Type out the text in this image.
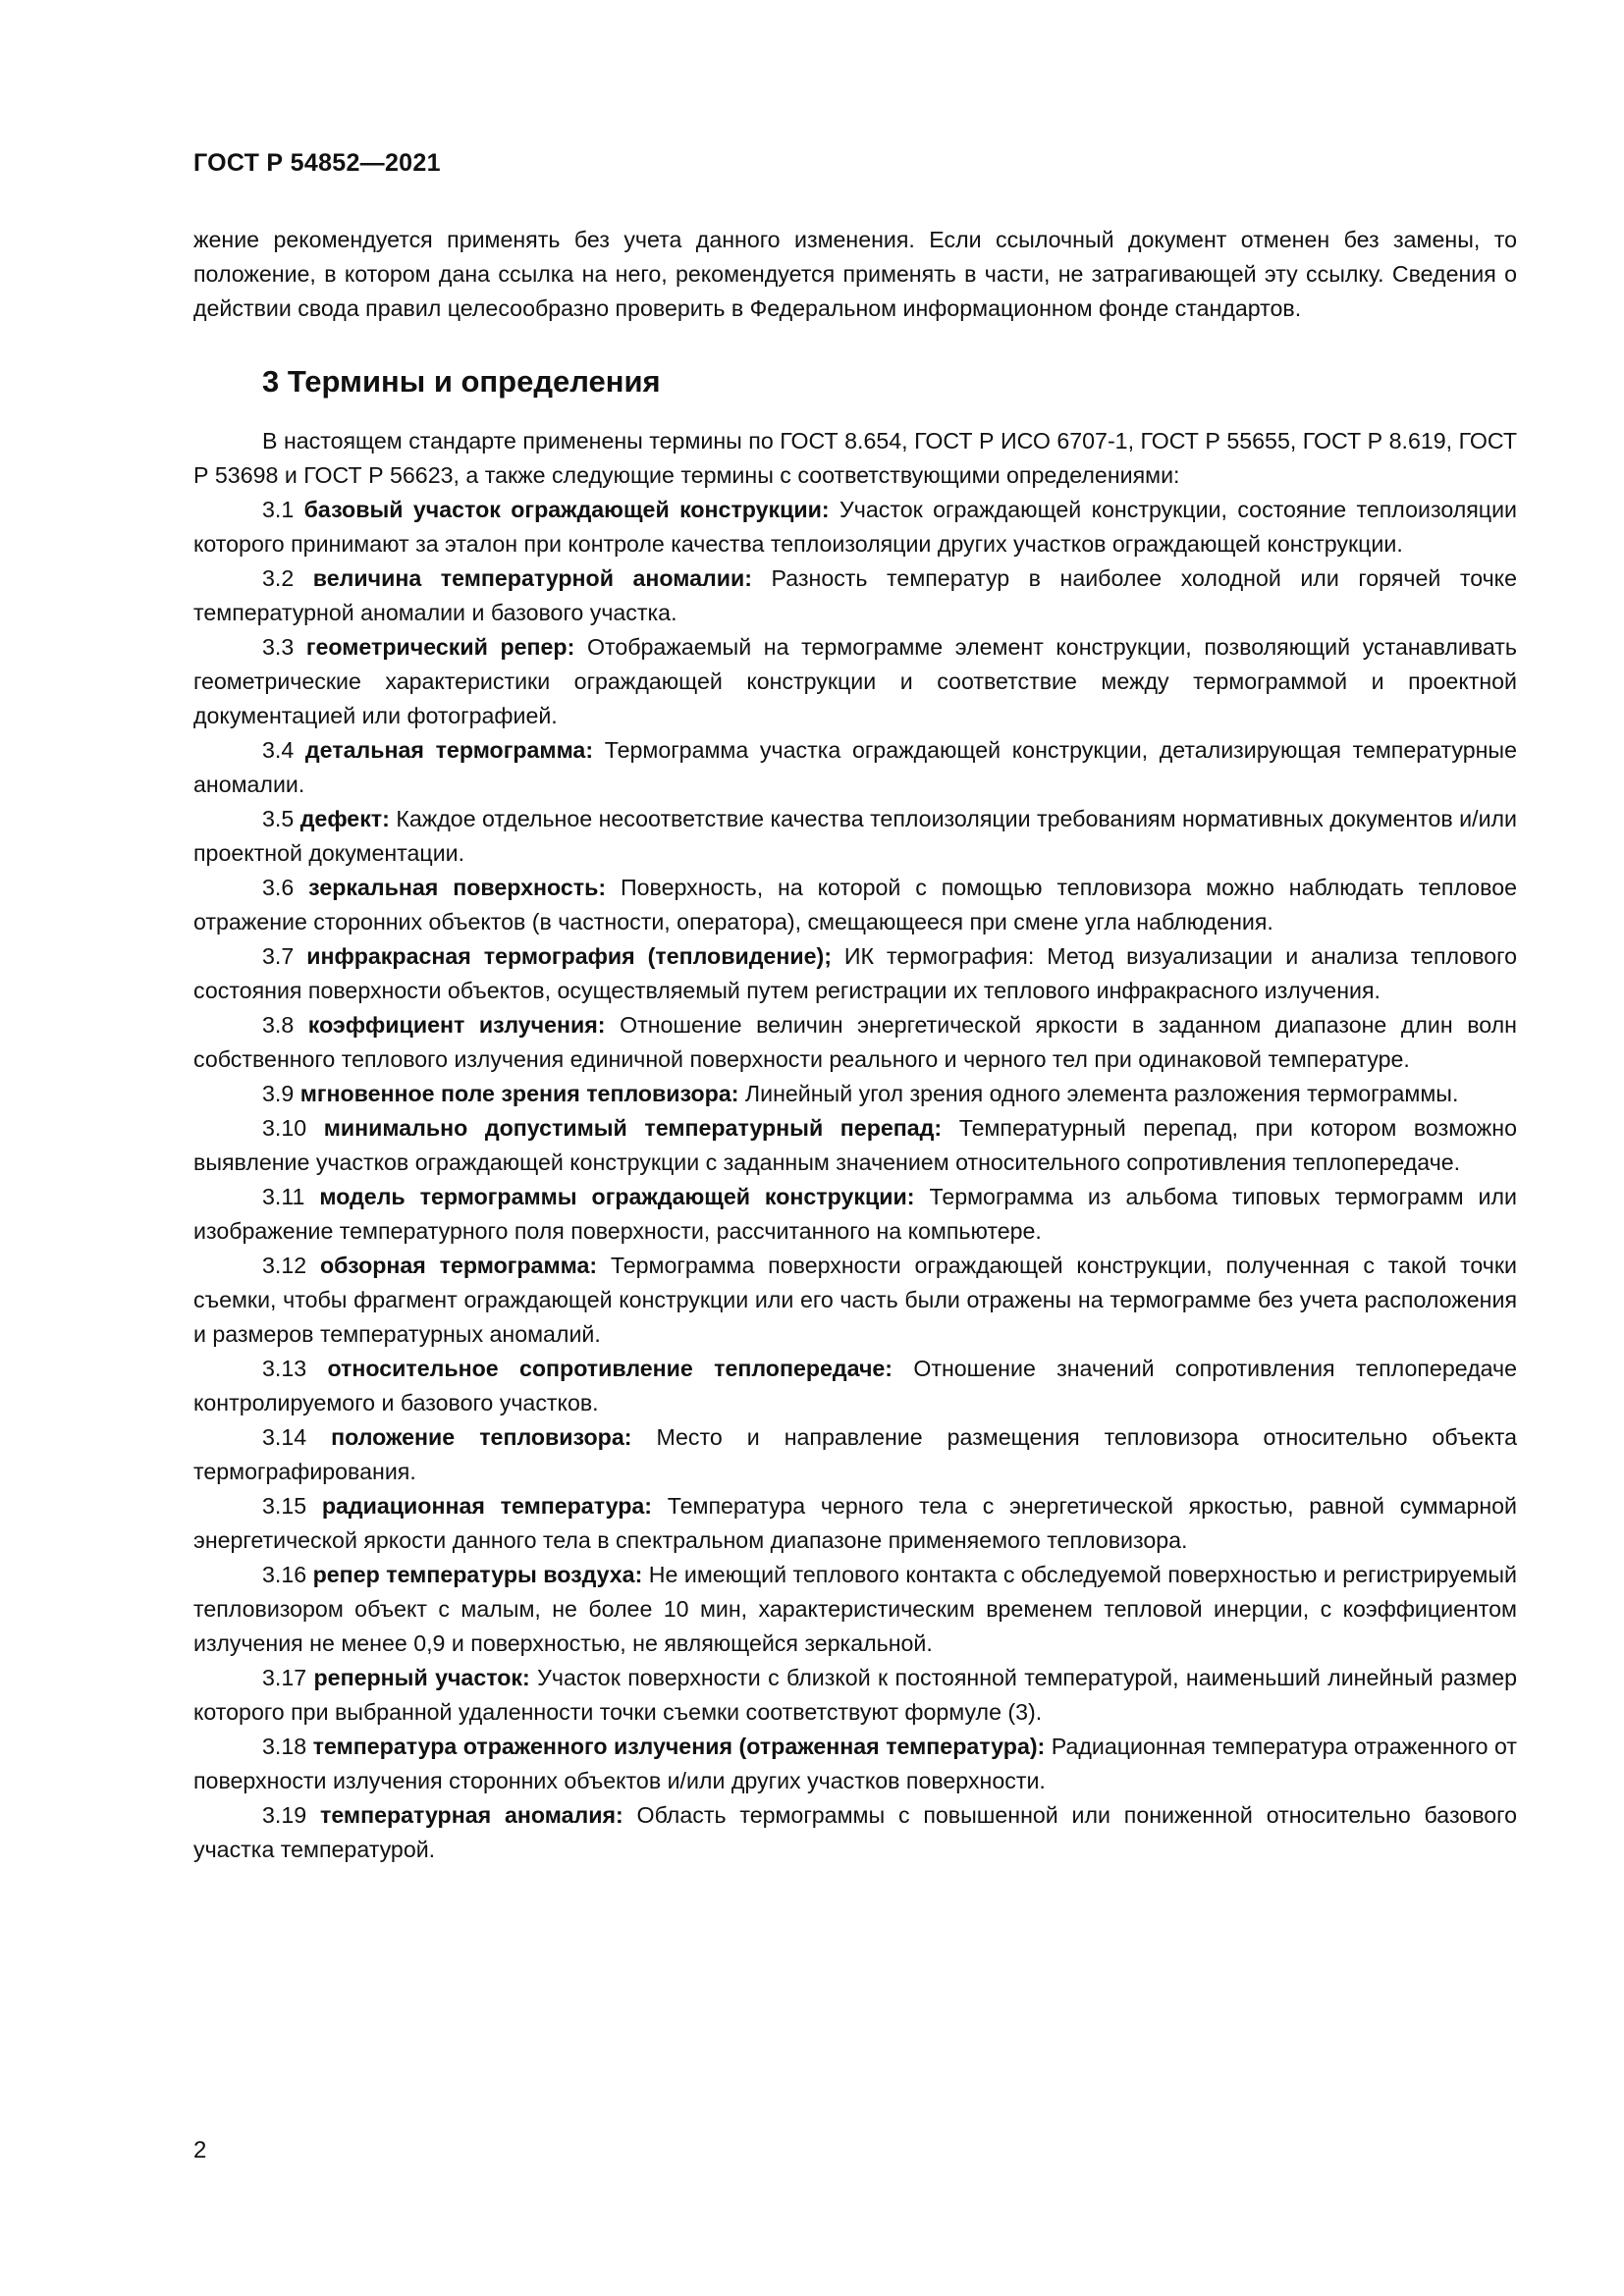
ГОСТ Р 54852—2021

жение рекомендуется применять без учета данного изменения. Если ссылочный документ отменен без замены, то положение, в котором дана ссылка на него, рекомендуется применять в части, не затрагивающей эту ссылку. Сведения о действии свода правил целесообразно проверить в Федеральном информационном фонде стандартов.

3 Термины и определения

В настоящем стандарте применены термины по ГОСТ 8.654, ГОСТ Р ИСО 6707-1, ГОСТ Р 55655, ГОСТ Р 8.619, ГОСТ Р 53698 и ГОСТ Р 56623, а также следующие термины с соответствующими определениями:

3.1 базовый участок ограждающей конструкции: Участок ограждающей конструкции, состояние теплоизоляции которого принимают за эталон при контроле качества теплоизоляции других участков ограждающей конструкции.

3.2 величина температурной аномалии: Разность температур в наиболее холодной или горячей точке температурной аномалии и базового участка.

3.3 геометрический репер: Отображаемый на термограмме элемент конструкции, позволяющий устанавливать геометрические характеристики ограждающей конструкции и соответствие между термограммой и проектной документацией или фотографией.

3.4 детальная термограмма: Термограмма участка ограждающей конструкции, детализирующая температурные аномалии.

3.5 дефект: Каждое отдельное несоответствие качества теплоизоляции требованиям нормативных документов и/или проектной документации.

3.6 зеркальная поверхность: Поверхность, на которой с помощью тепловизора можно наблюдать тепловое отражение сторонних объектов (в частности, оператора), смещающееся при смене угла наблюдения.

3.7 инфракрасная термография (тепловидение); ИК термография: Метод визуализации и анализа теплового состояния поверхности объектов, осуществляемый путем регистрации их теплового инфракрасного излучения.

3.8 коэффициент излучения: Отношение величин энергетической яркости в заданном диапазоне длин волн собственного теплового излучения единичной поверхности реального и черного тел при одинаковой температуре.

3.9 мгновенное поле зрения тепловизора: Линейный угол зрения одного элемента разложения термограммы.

3.10 минимально допустимый температурный перепад: Температурный перепад, при котором возможно выявление участков ограждающей конструкции с заданным значением относительного сопротивления теплопередаче.

3.11 модель термограммы ограждающей конструкции: Термограмма из альбома типовых термограмм или изображение температурного поля поверхности, рассчитанного на компьютере.

3.12 обзорная термограмма: Термограмма поверхности ограждающей конструкции, полученная с такой точки съемки, чтобы фрагмент ограждающей конструкции или его часть были отражены на термограмме без учета расположения и размеров температурных аномалий.

3.13 относительное сопротивление теплопередаче: Отношение значений сопротивления теплопередаче контролируемого и базового участков.

3.14 положение тепловизора: Место и направление размещения тепловизора относительно объекта термографирования.

3.15 радиационная температура: Температура черного тела с энергетической яркостью, равной суммарной энергетической яркости данного тела в спектральном диапазоне применяемого тепловизора.

3.16 репер температуры воздуха: Не имеющий теплового контакта с обследуемой поверхностью и регистрируемый тепловизором объект с малым, не более 10 мин, характеристическим временем тепловой инерции, с коэффициентом излучения не менее 0,9 и поверхностью, не являющейся зеркальной.

3.17 реперный участок: Участок поверхности с близкой к постоянной температурой, наименьший линейный размер которого при выбранной удаленности точки съемки соответствуют формуле (3).

3.18 температура отраженного излучения (отраженная температура): Радиационная температура отраженного от поверхности излучения сторонних объектов и/или других участков поверхности.

3.19 температурная аномалия: Область термограммы с повышенной или пониженной относительно базового участка температурой.

2
